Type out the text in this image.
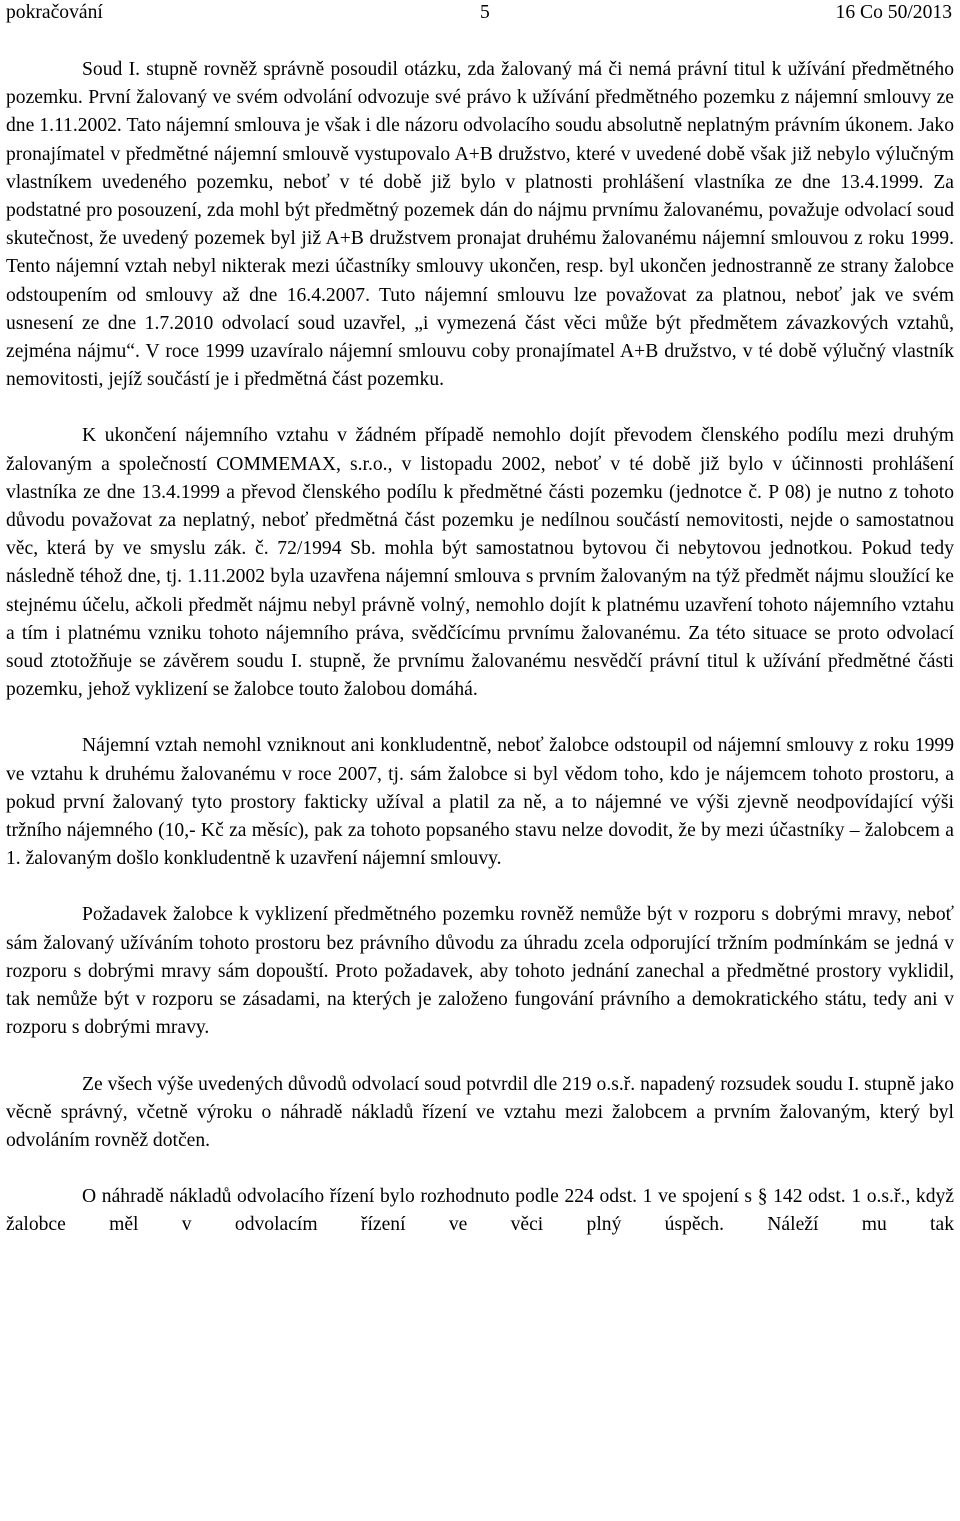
pokračování	5	16 Co 50/2013

Soud I. stupně rovněž správně posoudil otázku, zda žalovaný má či nemá právní titul k užívání předmětného pozemku. První žalovaný ve svém odvolání odvozuje své právo k užívání předmětného pozemku z nájemní smlouvy ze dne 1.11.2002. Tato nájemní smlouva je však i dle názoru odvolacího soudu absolutně neplatným právním úkonem. Jako pronajímatel v předmětné nájemní smlouvě vystupovalo A+B družstvo, které v uvedené době však již nebylo výlučným vlastníkem uvedeného pozemku, neboť v té době již bylo v platnosti prohlášení vlastníka ze dne 13.4.1999. Za podstatné pro posouzení, zda mohl být předmětný pozemek dán do nájmu prvnímu žalovanému, považuje odvolací soud skutečnost, že uvedený pozemek byl již A+B družstvem pronajat druhému žalovanému nájemní smlouvou z roku 1999. Tento nájemní vztah nebyl nikterak mezi účastníky smlouvy ukončen, resp. byl ukončen jednostranně ze strany žalobce odstoupením od smlouvy až dne 16.4.2007. Tuto nájemní smlouvu lze považovat za platnou, neboť jak ve svém usnesení ze dne 1.7.2010 odvolací soud uzavřel, „i vymezená část věci může být předmětem závazkových vztahů, zejména nájmu“. V roce 1999 uzavíralo nájemní smlouvu coby pronajímatel A+B družstvo, v té době výlučný vlastník nemovitosti, jejíž součástí je i předmětná část pozemku.

K ukončení nájemního vztahu v žádném případě nemohlo dojít převodem členského podílu mezi druhým žalovaným a společností COMMEMAX, s.r.o., v listopadu 2002, neboť v té době již bylo v účinnosti prohlášení vlastníka ze dne 13.4.1999 a převod členského podílu k předmětné části pozemku (jednotce č. P 08) je nutno z tohoto důvodu považovat za neplatný, neboť předmětná část pozemku je nedílnou součástí nemovitosti, nejde o samostatnou věc, která by ve smyslu zák. č. 72/1994 Sb. mohla být samostatnou bytovou či nebytovou jednotkou. Pokud tedy následně téhož dne, tj. 1.11.2002 byla uzavřena nájemní smlouva s prvním žalovaným na týž předmět nájmu sloužící ke stejnému účelu, ačkoli předmět nájmu nebyl právně volný, nemohlo dojít k platnému uzavření tohoto nájemního vztahu a tím i platnému vzniku tohoto nájemního práva, svědčícímu prvnímu žalovanému. Za této situace se proto odvolací soud ztotožňuje se závěrem soudu I. stupně, že prvnímu žalovanému nesvědčí právní titul k užívání předmětné části pozemku, jehož vyklizení se žalobce touto žalobou domáhá.

Nájemní vztah nemohl vzniknout ani konkludentně, neboť žalobce odstoupil od nájemní smlouvy z roku 1999 ve vztahu k druhému žalovanému v roce 2007, tj. sám žalobce si byl vědom toho, kdo je nájemcem tohoto prostoru, a pokud první žalovaný tyto prostory fakticky užíval a platil za ně, a to nájemné ve výši zjevně neodpovídající výši tržního nájemného (10,- Kč za měsíc), pak za tohoto popsaného stavu nelze dovodit, že by mezi účastníky – žalobcem a 1. žalovaným došlo konkludentně k uzavření nájemní smlouvy.

Požadavek žalobce k vyklizení předmětného pozemku rovněž nemůže být v rozporu s dobrými mravy, neboť sám žalovaný užíváním tohoto prostoru bez právního důvodu za úhradu zcela odporující tržním podmínkám se jedná v rozporu s dobrými mravy sám dopouští. Proto požadavek, aby tohoto jednání zanechal a předmětné prostory vyklidil, tak nemůže být v rozporu se zásadami, na kterých je založeno fungování právního a demokratického státu, tedy ani v rozporu s dobrými mravy.

Ze všech výše uvedených důvodů odvolací soud potvrdil dle 219 o.s.ř. napadený rozsudek soudu I. stupně jako věcně správný, včetně výroku o náhradě nákladů řízení ve vztahu mezi žalobcem a prvním žalovaným, který byl odvoláním rovněž dotčen.

O náhradě nákladů odvolacího řízení bylo rozhodnuto podle 224 odst. 1 ve spojení s § 142 odst. 1 o.s.ř., když žalobce měl v odvolacím řízení ve věci plný úspěch. Náleží mu tak
